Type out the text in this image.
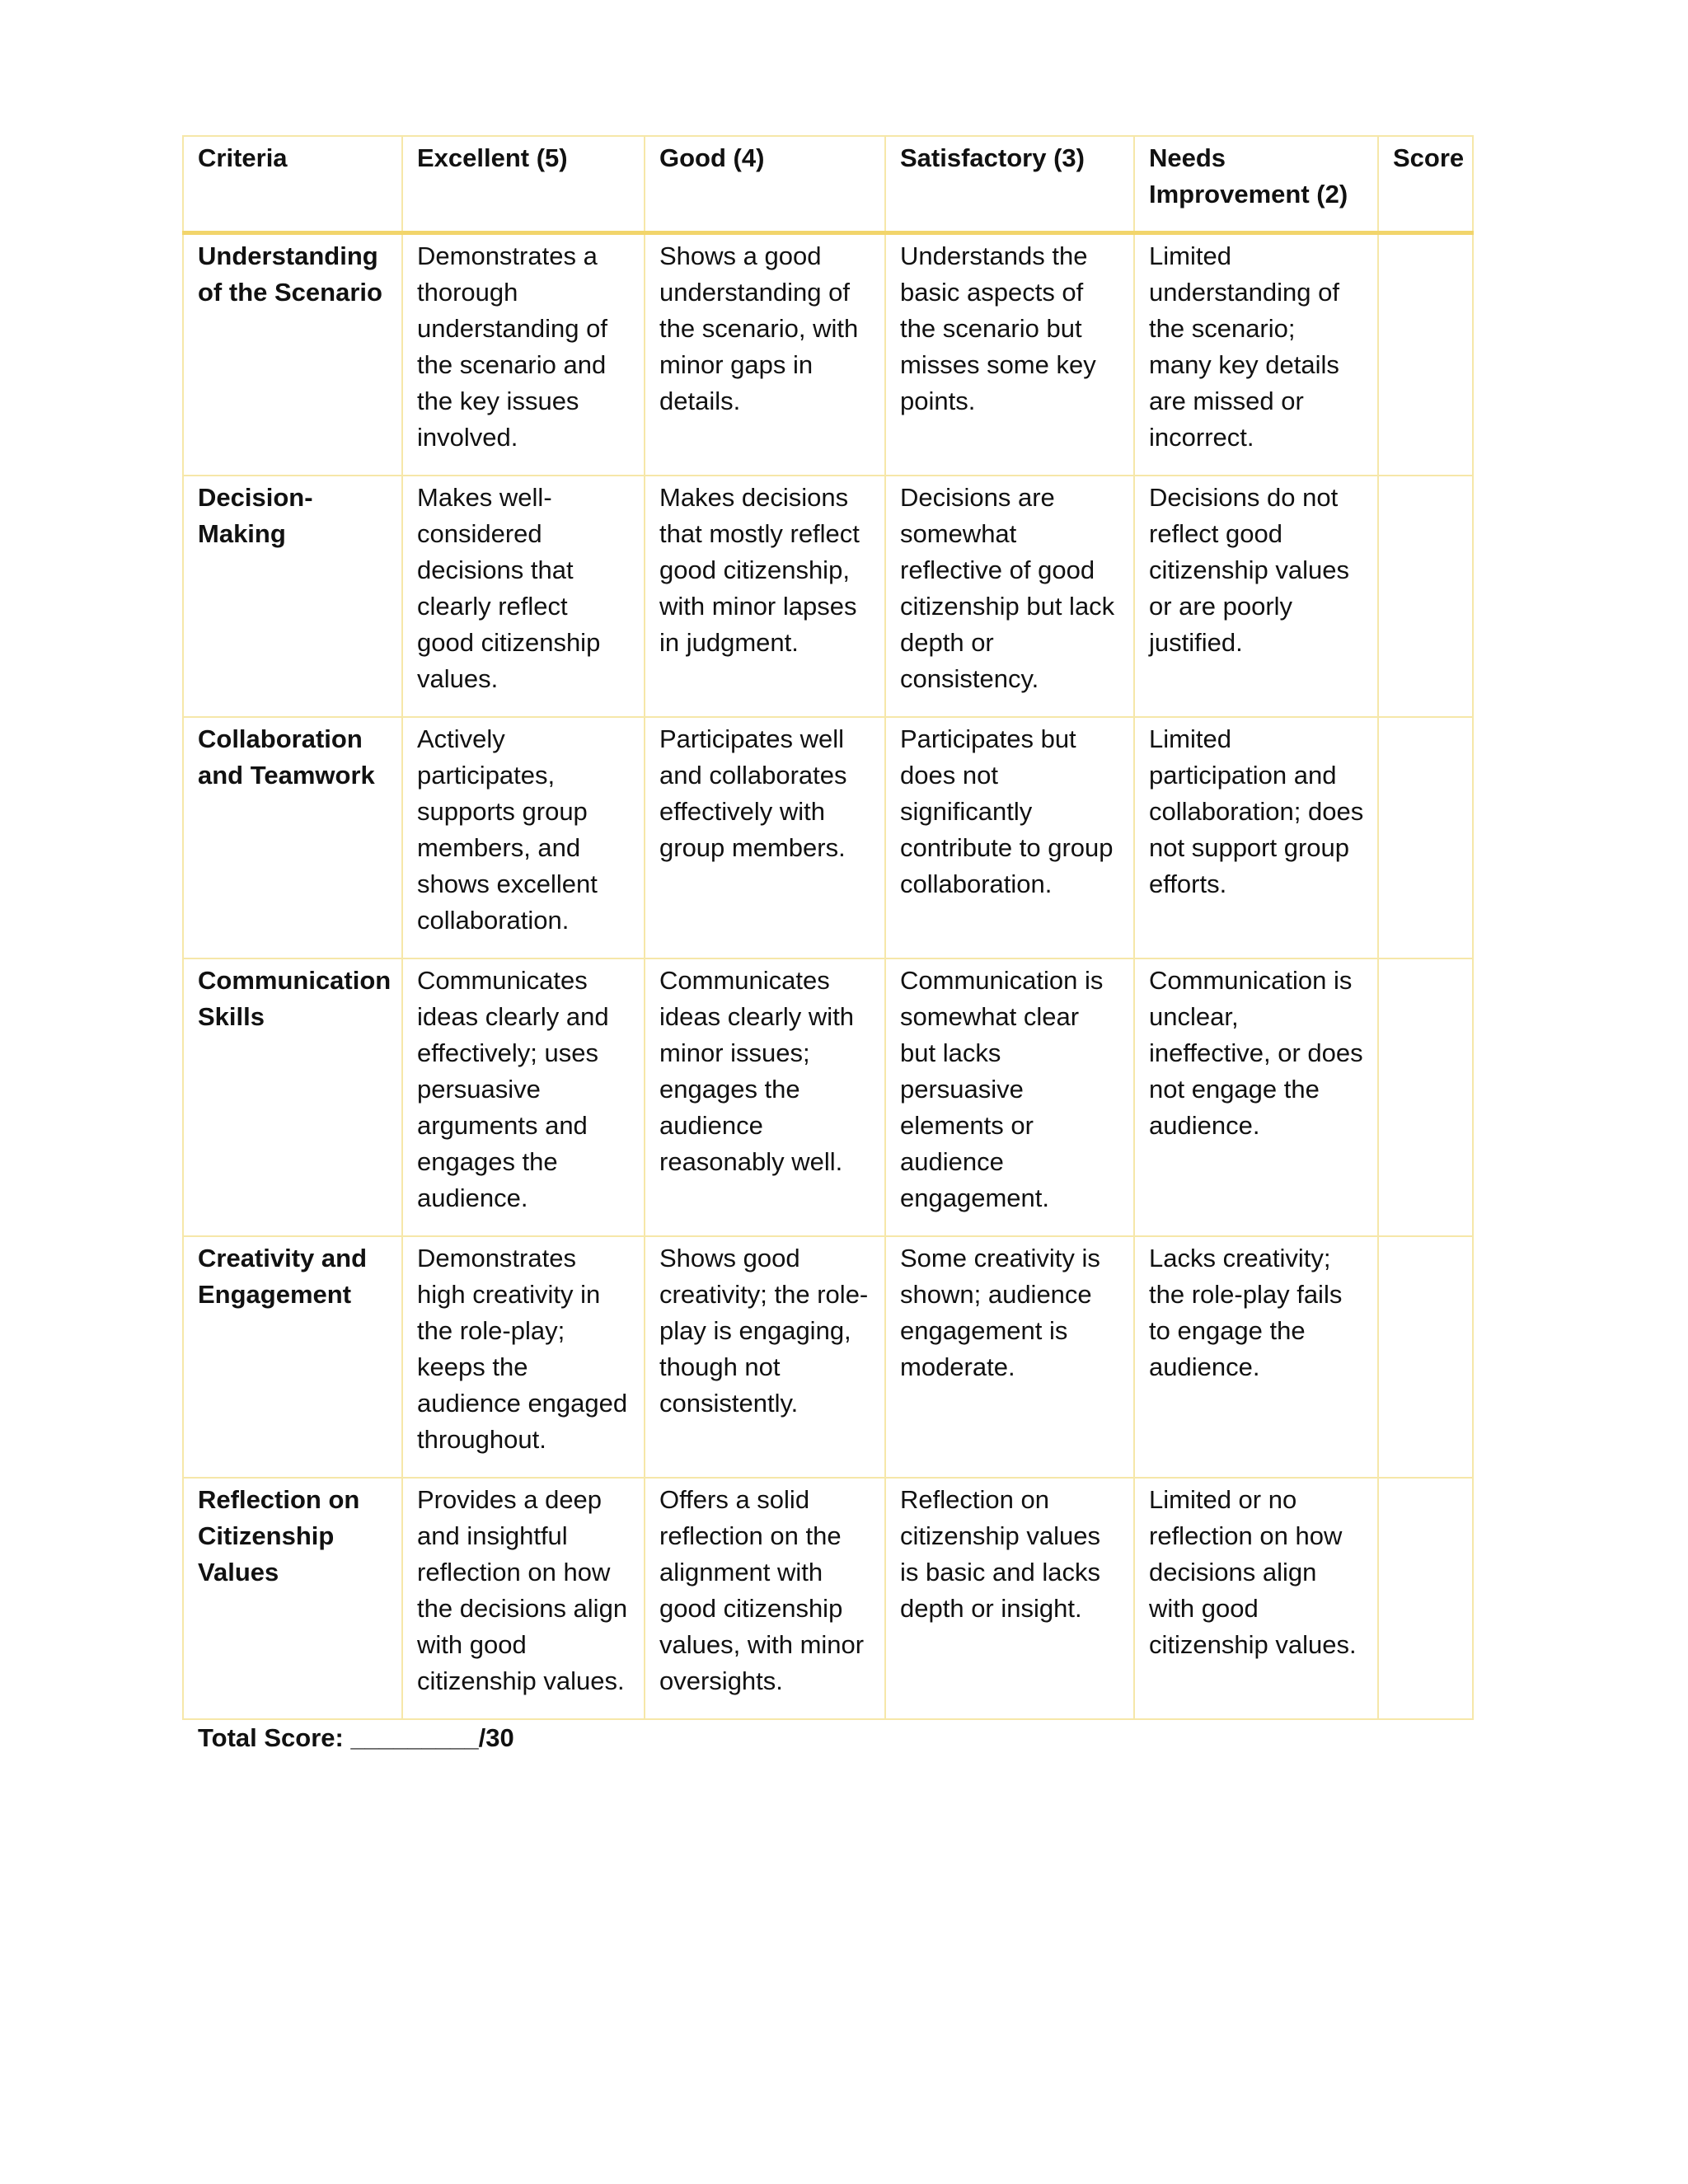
Criteria	Excellent (5)	Good (4)	Satisfactory (3)	Needs Improvement (2)	Score
Understanding of the Scenario	Demonstrates a thorough understanding of the scenario and the key issues involved.	Shows a good understanding of the scenario, with minor gaps in details.	Understands the basic aspects of the scenario but misses some key points.	Limited understanding of the scenario; many key details are missed or incorrect.	
Decision-Making	Makes well-considered decisions that clearly reflect good citizenship values.	Makes decisions that mostly reflect good citizenship, with minor lapses in judgment.	Decisions are somewhat reflective of good citizenship but lack depth or consistency.	Decisions do not reflect good citizenship values or are poorly justified.	
Collaboration and Teamwork	Actively participates, supports group members, and shows excellent collaboration.	Participates well and collaborates effectively with group members.	Participates but does not significantly contribute to group collaboration.	Limited participation and collaboration; does not support group efforts.	
Communication Skills	Communicates ideas clearly and effectively; uses persuasive arguments and engages the audience.	Communicates ideas clearly with minor issues; engages the audience reasonably well.	Communication is somewhat clear but lacks persuasive elements or audience engagement.	Communication is unclear, ineffective, or does not engage the audience.	
Creativity and Engagement	Demonstrates high creativity in the role-play; keeps the audience engaged throughout.	Shows good creativity; the role-play is engaging, though not consistently.	Some creativity is shown; audience engagement is moderate.	Lacks creativity; the role-play fails to engage the audience.	
Reflection on Citizenship Values	Provides a deep and insightful reflection on how the decisions align with good citizenship values.	Offers a solid reflection on the alignment with good citizenship values, with minor oversights.	Reflection on citizenship values is basic and lacks depth or insight.	Limited or no reflection on how decisions align with good citizenship values.	
Total Score: _________/30
